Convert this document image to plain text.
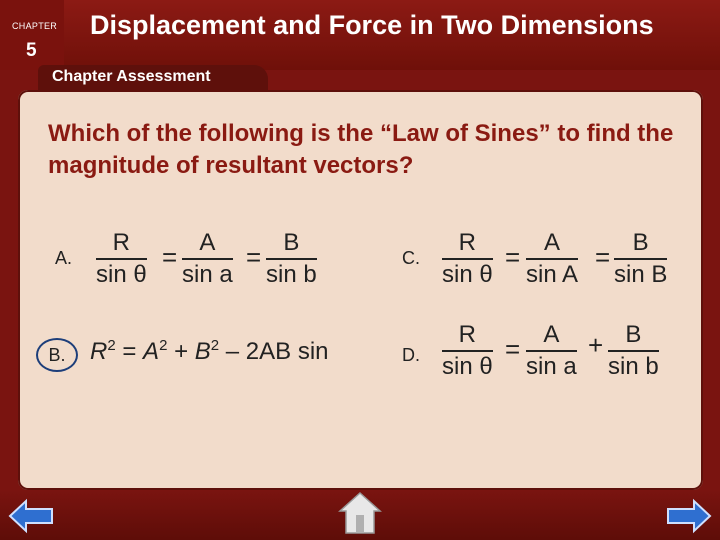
CHAPTER
5
Displacement and Force in Two Dimensions
Chapter Assessment
Which of the following is the “Law of Sines” to find the magnitude of resultant vectors?
A.
R
sin θ
= A
sin a
= B
sin b
C.
R
sin θ
= A
sin A
= B
sin B
B. $R^2 = A^2 + B^2 - 2AB$ sin	D.
R
sin θ
= A
sin a
+ B
sin b
